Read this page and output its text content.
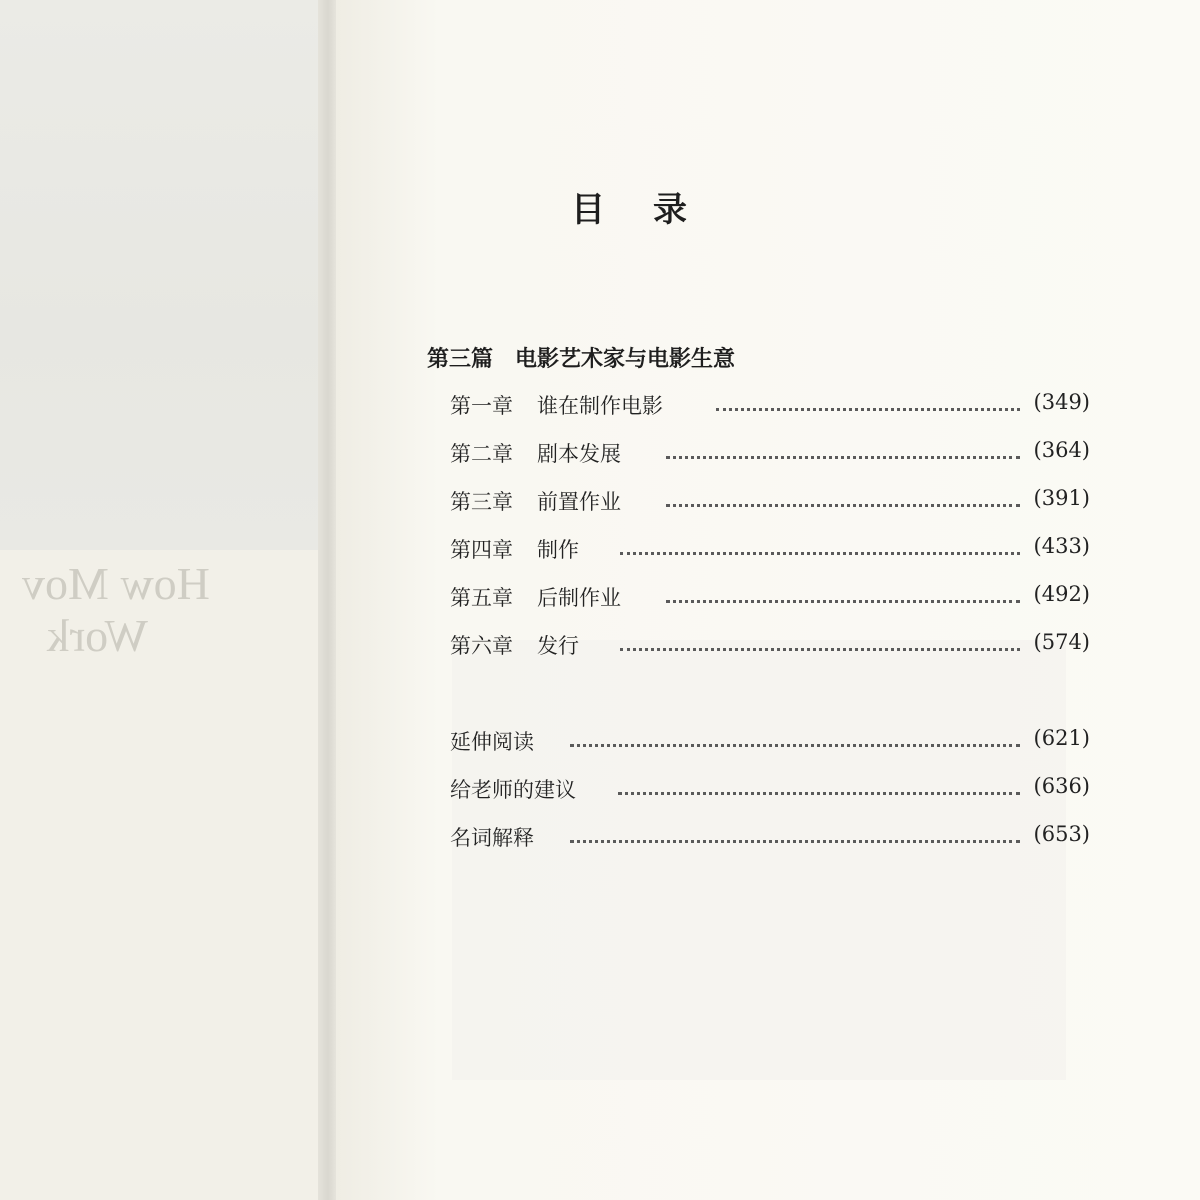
How Mov
Work
目 录
第三篇 电影艺术家与电影生意
第一章 谁在制作电影	(349)
第二章 剧本发展	(364)
第三章 前置作业	(391)
第四章 制作	(433)
第五章 后制作业	(492)
第六章 发行	(574)
延伸阅读	(621)
给老师的建议	(636)
名词解释	(653)
